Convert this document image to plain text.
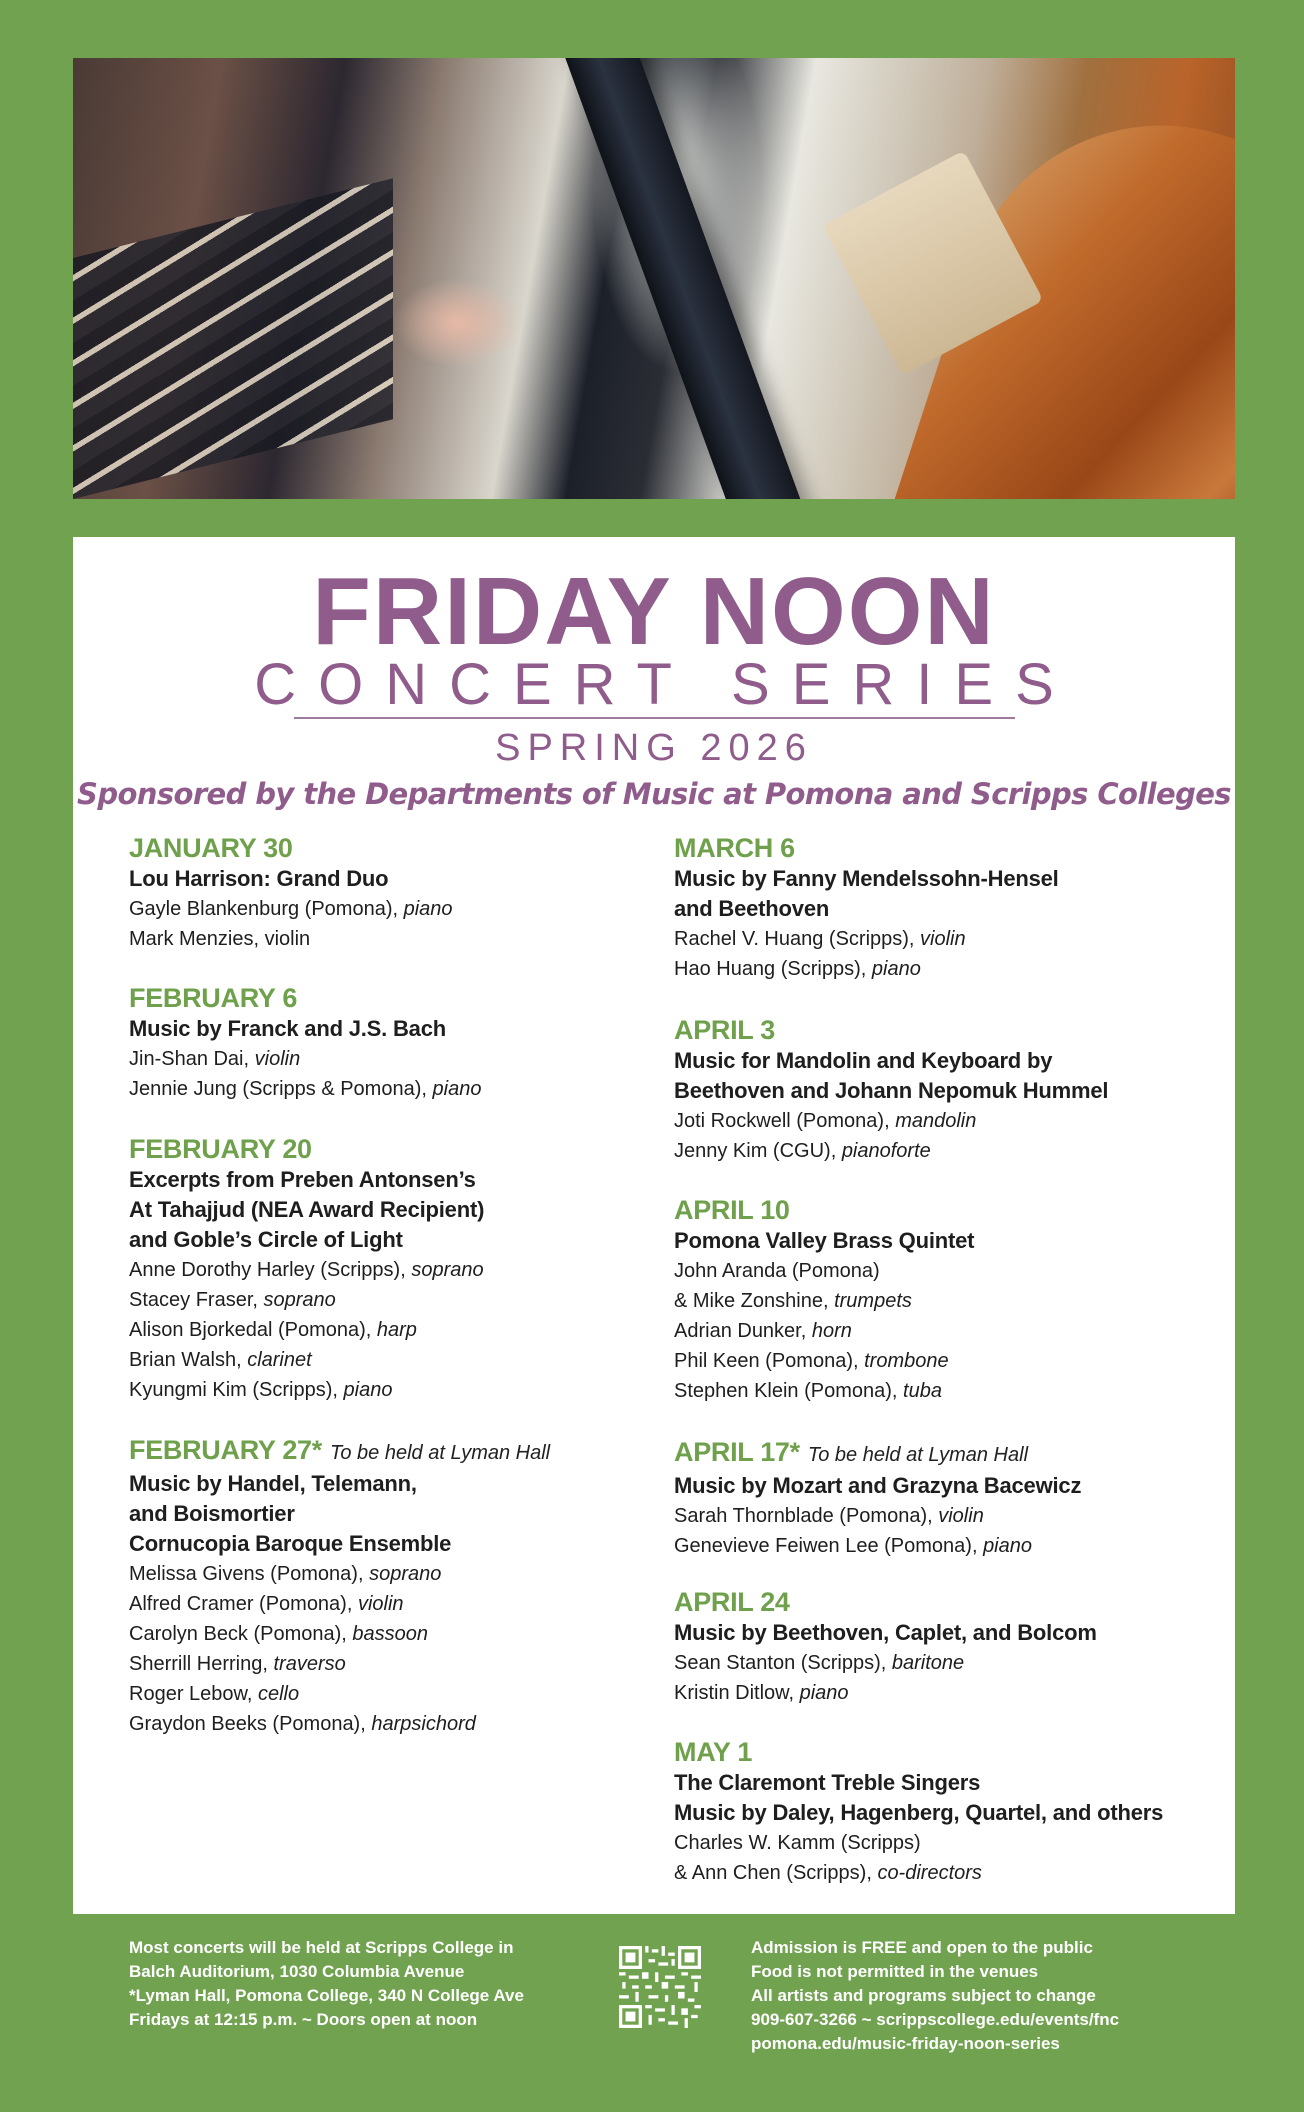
FRIDAY NOON
CONCERT SERIES
SPRING 2026
Sponsored by the Departments of Music at Pomona and Scripps Colleges
JANUARY 30
Lou Harrison: Grand Duo
Gayle Blankenburg (Pomona), piano
Mark Menzies, violin
FEBRUARY 6
Music by Franck and J.S. Bach
Jin-Shan Dai, violin
Jennie Jung (Scripps & Pomona), piano
FEBRUARY 20
Excerpts from Preben Antonsen’s
At Tahajjud (NEA Award Recipient)
and Goble’s Circle of Light
Anne Dorothy Harley (Scripps), soprano
Stacey Fraser, soprano
Alison Bjorkedal (Pomona), harp
Brian Walsh, clarinet
Kyungmi Kim (Scripps), piano
FEBRUARY 27* To be held at Lyman Hall
Music by Handel, Telemann,
and Boismortier
Cornucopia Baroque Ensemble
Melissa Givens (Pomona), soprano
Alfred Cramer (Pomona), violin
Carolyn Beck (Pomona), bassoon
Sherrill Herring, traverso
Roger Lebow, cello
Graydon Beeks (Pomona), harpsichord
MARCH 6
Music by Fanny Mendelssohn-Hensel
and Beethoven
Rachel V. Huang (Scripps), violin
Hao Huang (Scripps), piano
APRIL 3
Music for Mandolin and Keyboard by
Beethoven and Johann Nepomuk Hummel
Joti Rockwell (Pomona), mandolin
Jenny Kim (CGU), pianoforte
APRIL 10
Pomona Valley Brass Quintet
John Aranda (Pomona)
& Mike Zonshine, trumpets
Adrian Dunker, horn
Phil Keen (Pomona), trombone
Stephen Klein (Pomona), tuba
APRIL 17* To be held at Lyman Hall
Music by Mozart and Grazyna Bacewicz
Sarah Thornblade (Pomona), violin
Genevieve Feiwen Lee (Pomona), piano
APRIL 24
Music by Beethoven, Caplet, and Bolcom
Sean Stanton (Scripps), baritone
Kristin Ditlow, piano
MAY 1
The Claremont Treble Singers
Music by Daley, Hagenberg, Quartel, and others
Charles W. Kamm (Scripps)
& Ann Chen (Scripps), co-directors
Most concerts will be held at Scripps College in
Balch Auditorium, 1030 Columbia Avenue
*Lyman Hall, Pomona College, 340 N College Ave
Fridays at 12:15 p.m. ~ Doors open at noon
Admission is FREE and open to the public
Food is not permitted in the venues
All artists and programs subject to change
909-607-3266 ~ scrippscollege.edu/events/fnc
pomona.edu/music-friday-noon-series
